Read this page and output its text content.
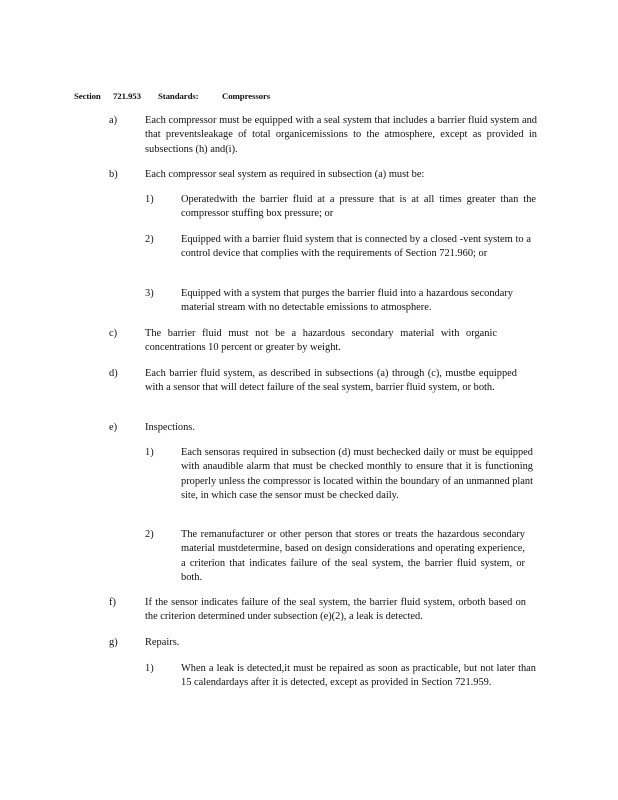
Section 721.953 Standards:	Compressors
a)	Each compressor must be equipped with a seal system that includes a barrier fluid system and that preventsleakage of total organicemissions to the atmosphere, except as provided in subsections (h) and(i).
b)	Each compressor seal system as required in subsection (a) must be:
1)	Operatedwith the barrier fluid at a pressure that is at all times greater than the compressor stuffing box pressure; or
2)	Equipped with a barrier fluid system that is connected by a closed -vent system to a control device that complies with the requirements of Section 721.960; or
3)	Equipped with a system that purges the barrier fluid into a hazardous secondary material stream with no detectable emissions to atmosphere.
c)	The barrier fluid must not be a hazardous secondary material with organic concentrations 10 percent or greater by weight.
d)	Each barrier fluid system, as described in subsections (a) through (c), mustbe equipped with a sensor that will detect failure of the seal system, barrier fluid system, or both.
e)	Inspections.
1)	Each sensoras required in subsection (d) must bechecked daily or must be equipped with anaudible alarm that must be checked monthly to ensure that it is functioning properly unless the compressor is located within the boundary of an unmanned plant site, in which case the sensor must be checked daily.
2)	The remanufacturer or other person that stores or treats the hazardous secondary material mustdetermine, based on design considerations and operating experience, a criterion that indicates failure of the seal system, the barrier fluid system, or both.
f)	If the sensor indicates failure of the seal system, the barrier fluid system, orboth based on the criterion determined under subsection (e)(2), a leak is detected.
g)	Repairs.
1)	When a leak is detected,it must be repaired as soon as practicable, but not later than 15 calendardays after it is detected, except as provided in Section 721.959.
